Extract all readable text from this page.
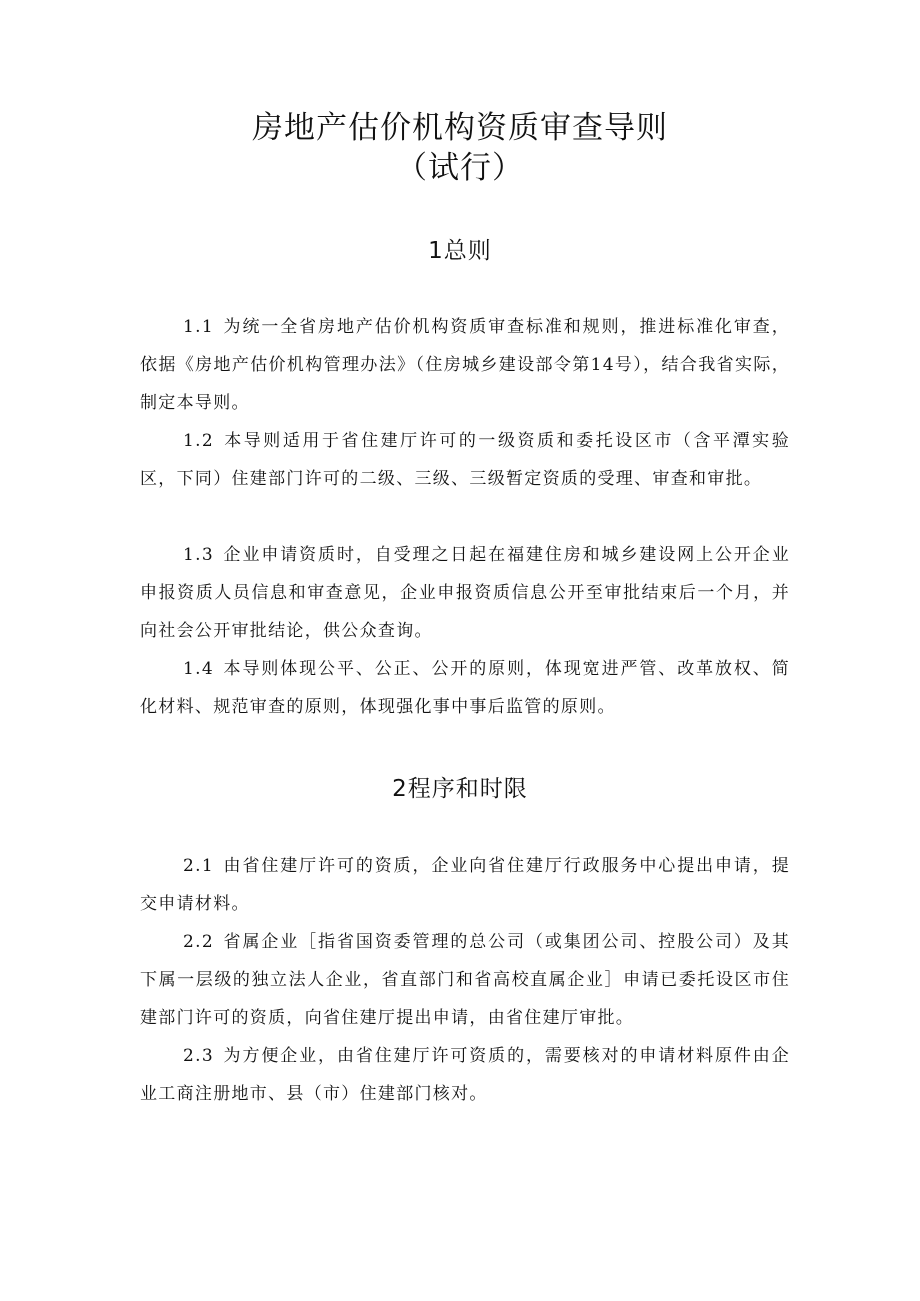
房地产估价机构资质审查导则
（试行）
1总则

1.1 为统一全省房地产估价机构资质审查标准和规则，推进标准化审查，依据《房地产估价机构管理办法》（住房城乡建设部令第14号），结合我省实际，制定本导则。

1.2 本导则适用于省住建厅许可的一级资质和委托设区市（含平潭实验区，下同）住建部门许可的二级、三级、三级暂定资质的受理、审查和审批。

1.3 企业申请资质时，自受理之日起在福建住房和城乡建设网上公开企业申报资质人员信息和审查意见，企业申报资质信息公开至审批结束后一个月，并向社会公开审批结论，供公众查询。

1.4 本导则体现公平、公正、公开的原则，体现宽进严管、改革放权、简化材料、规范审查的原则，体现强化事中事后监管的原则。

2程序和时限

2.1 由省住建厅许可的资质，企业向省住建厅行政服务中心提出申请，提交申请材料。

2.2 省属企业［指省国资委管理的总公司（或集团公司、控股公司）及其下属一层级的独立法人企业，省直部门和省高校直属企业］申请已委托设区市住建部门许可的资质，向省住建厅提出申请，由省住建厅审批。

2.3 为方便企业，由省住建厅许可资质的，需要核对的申请材料原件由企业工商注册地市、县（市）住建部门核对。
